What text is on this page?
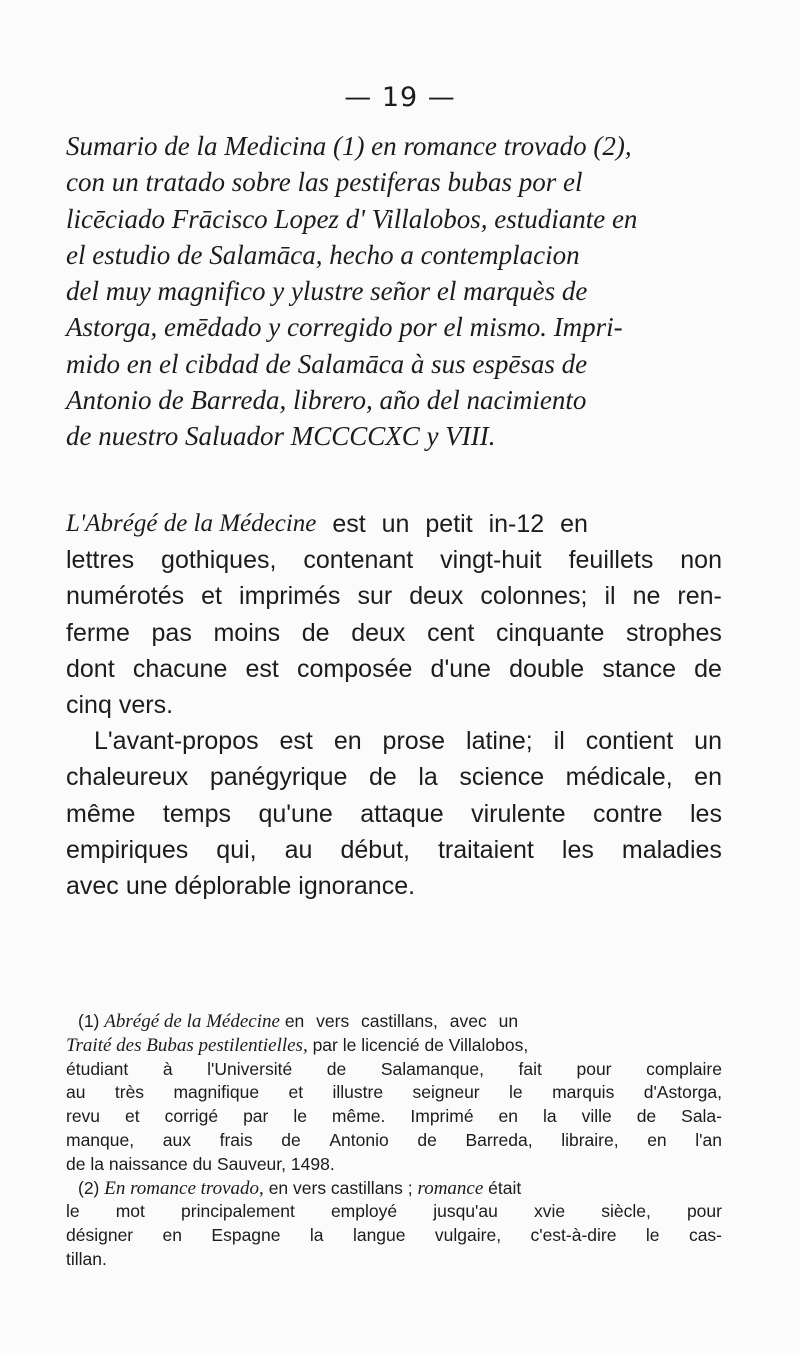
— 19 —
Sumario de la Medicina (1) en romance trovado (2),
con un tratado sobre las pestiferas bubas por el
licēciado Frācisco Lopez d' Villalobos, estudiante en
el estudio de Salamāca, hecho a contemplacion
del muy magnifico y ylustre señor el marquès de
Astorga, emēdado y corregido por el mismo. Impri-
mido en el cibdad de Salamāca à sus espēsas de
Antonio de Barreda, librero, año del nacimiento
de nuestro Saluador MCCCCXC y VIII.
L'Abrégé de la Médecine est un petit in-12 en
lettres gothiques, contenant vingt-huit feuillets non
numérotés et imprimés sur deux colonnes; il ne ren-
ferme pas moins de deux cent cinquante strophes
dont chacune est composée d'une double stance de
cinq vers.
L'avant-propos est en prose latine; il contient un
chaleureux panégyrique de la science médicale, en
même temps qu'une attaque virulente contre les
empiriques qui, au début, traitaient les maladies
avec une déplorable ignorance.
(1)
Abrégé de la Médecine
en vers castillans, avec un
Traité des Bubas pestilentielles,
par le licencié de Villalobos,
étudiant à l'Université de Salamanque, fait pour complaire
au très magnifique et illustre seigneur le marquis d'Astorga,
revu et corrigé par le même. Imprimé en la ville de Sala-
manque, aux frais de Antonio de Barreda, libraire, en l'an
de la naissance du Sauveur, 1498.
(2)
En romance trovado,
en vers castillans ;
romance
était
le mot principalement employé jusqu'au xvie siècle, pour
désigner en Espagne la langue vulgaire, c'est-à-dire le cas-
tillan.
